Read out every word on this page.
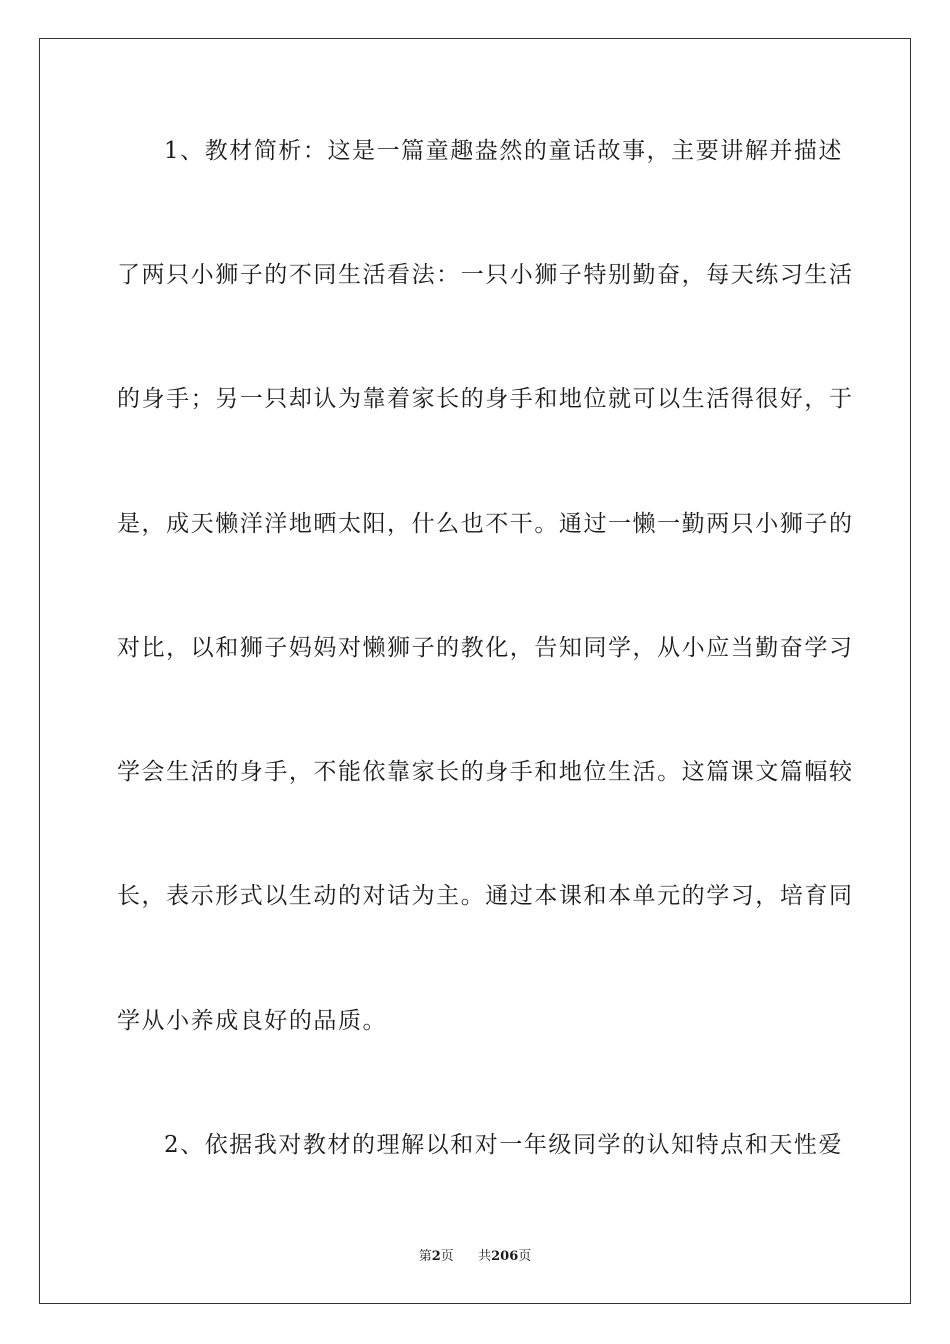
1、教材简析：这是一篇童趣盎然的童话故事，主要讲解并描述

了两只小狮子的不同生活看法：一只小狮子特别勤奋，每天练习生活

的身手；另一只却认为靠着家长的身手和地位就可以生活得很好，于

是，成天懒洋洋地晒太阳，什么也不干。通过一懒一勤两只小狮子的

对比，以和狮子妈妈对懒狮子的教化，告知同学，从小应当勤奋学习

学会生活的身手，不能依靠家长的身手和地位生活。这篇课文篇幅较

长，表示形式以生动的对话为主。通过本课和本单元的学习，培育同

学从小养成良好的品质。

2、依据我对教材的理解以和对一年级同学的认知特点和天性爱

第2页 共206页
